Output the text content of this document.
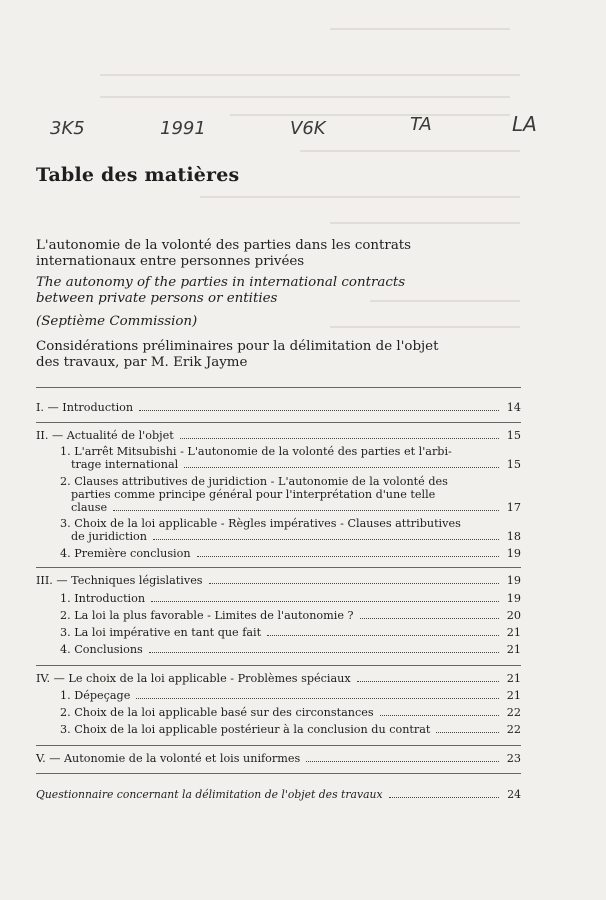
3K5	1991	V6K	TA	LA
Table des matières
L'autonomie de la volonté des parties dans les contrats
internationaux entre personnes privées
The autonomy of the parties in international contracts
between private persons or entities
(Septième Commission)
Considérations préliminaires pour la délimitation de l'objet
des travaux, par M. Erik Jayme
I. — Introduction	14
II. — Actualité de l'objet	15
1. L'arrêt Mitsubishi - L'autonomie de la volonté des parties et l'arbi-
trage international	15
2. Clauses attributives de juridiction - L'autonomie de la volonté des
parties comme principe général pour l'interprétation d'une telle
clause	17
3. Choix de la loi applicable - Règles impératives - Clauses attributives
de juridiction	18
4. Première conclusion	19
III. — Techniques législatives	19
1. Introduction	19
2. La loi la plus favorable - Limites de l'autonomie ?	20
3. La loi impérative en tant que fait	21
4. Conclusions	21
IV. — Le choix de la loi applicable - Problèmes spéciaux	21
1. Dépeçage	21
2. Choix de la loi applicable basé sur des circonstances	22
3. Choix de la loi applicable postérieur à la conclusion du contrat	22
V. — Autonomie de la volonté et lois uniformes	23
Questionnaire concernant la délimitation de l'objet des travaux	24
